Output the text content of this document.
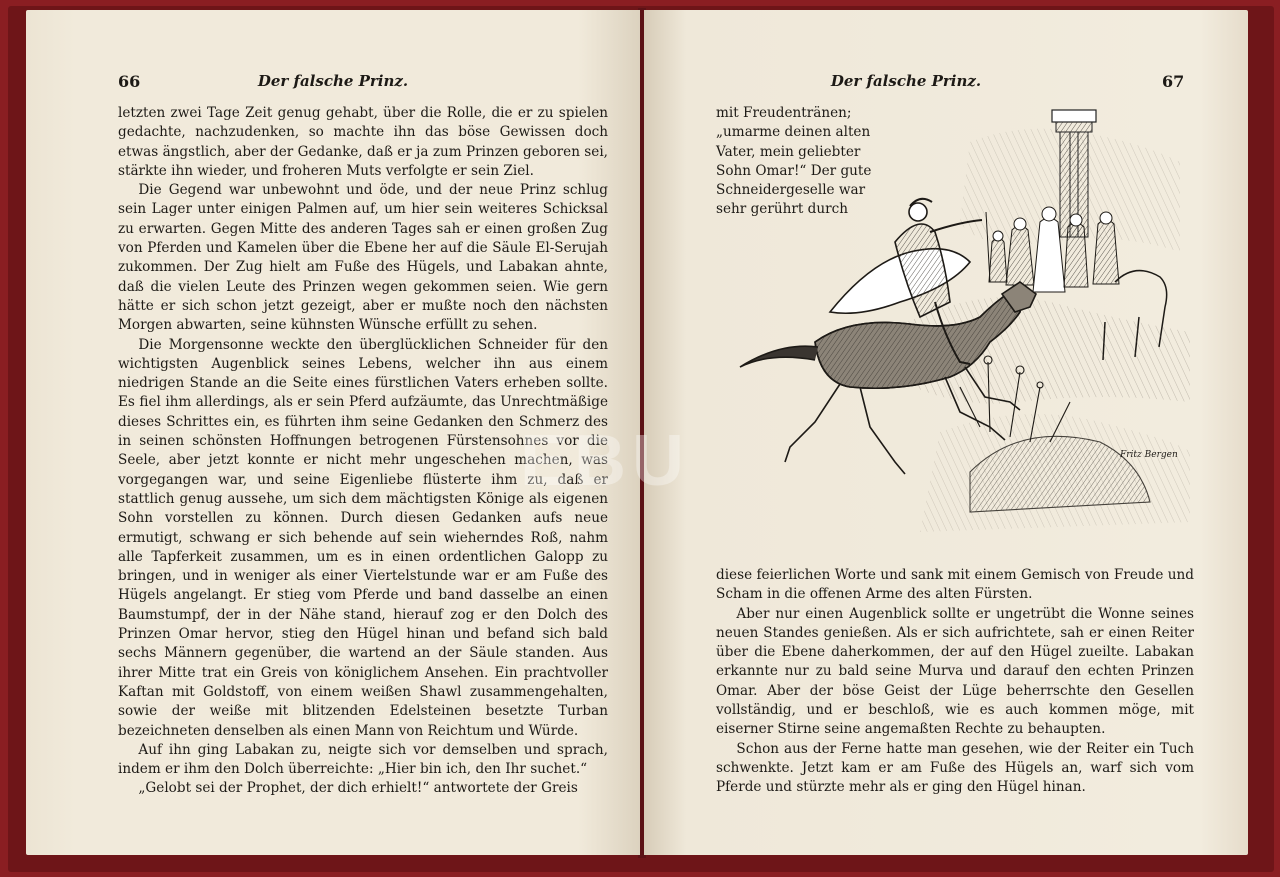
66	Der falsche Prinz.

letzten zwei Tage Zeit genug gehabt, über die Rolle, die er zu spielen gedachte, nachzudenken, so machte ihn das böse Gewissen doch etwas ängstlich, aber der Gedanke, daß er ja zum Prinzen geboren sei, stärkte ihn wieder, und froheren Muts verfolgte er sein Ziel.

Die Gegend war unbewohnt und öde, und der neue Prinz schlug sein Lager unter einigen Palmen auf, um hier sein weiteres Schicksal zu erwarten. Gegen Mitte des anderen Tages sah er einen großen Zug von Pferden und Kamelen über die Ebene her auf die Säule El-Serujah zukommen. Der Zug hielt am Fuße des Hügels, und Labakan ahnte, daß die vielen Leute des Prinzen wegen gekommen seien. Wie gern hätte er sich schon jetzt gezeigt, aber er mußte noch den nächsten Morgen abwarten, seine kühnsten Wünsche erfüllt zu sehen.

Die Morgensonne weckte den überglücklichen Schneider für den wichtigsten Augenblick seines Lebens, welcher ihn aus einem niedrigen Stande an die Seite eines fürstlichen Vaters erheben sollte. Es fiel ihm allerdings, als er sein Pferd aufzäumte, das Unrechtmäßige dieses Schrittes ein, es führten ihm seine Gedanken den Schmerz des in seinen schönsten Hoffnungen betrogenen Fürstensohnes vor die Seele, aber jetzt konnte er nicht mehr ungeschehen machen, was vorgegangen war, und seine Eigenliebe flüsterte ihm zu, daß er stattlich genug aussehe, um sich dem mächtigsten Könige als eigenen Sohn vorstellen zu können. Durch diesen Gedanken aufs neue ermutigt, schwang er sich behende auf sein wieherndes Roß, nahm alle Tapferkeit zusammen, um es in einen ordentlichen Galopp zu bringen, und in weniger als einer Viertelstunde war er am Fuße des Hügels angelangt. Er stieg vom Pferde und band dasselbe an einen Baumstumpf, der in der Nähe stand, hierauf zog er den Dolch des Prinzen Omar hervor, stieg den Hügel hinan und befand sich bald sechs Männern gegenüber, die wartend an der Säule standen. Aus ihrer Mitte trat ein Greis von königlichem Ansehen. Ein prachtvoller Kaftan mit Goldstoff, von einem weißen Shawl zusammengehalten, sowie der weiße mit blitzenden Edelsteinen besetzte Turban bezeichneten denselben als einen Mann von Reichtum und Würde.

Auf ihn ging Labakan zu, neigte sich vor demselben und sprach, indem er ihm den Dolch überreichte: „Hier bin ich, den Ihr suchet.“

„Gelobt sei der Prophet, der dich erhielt!“ antwortete der Greis

Der falsche Prinz.	67

mit Freudentränen; „umarme deinen alten Vater, mein geliebter Sohn Omar!“ Der gute Schneidergeselle war sehr gerührt durch

Fritz Bergen

diese feierlichen Worte und sank mit einem Gemisch von Freude und Scham in die offenen Arme des alten Fürsten.

Aber nur einen Augenblick sollte er ungetrübt die Wonne seines neuen Standes genießen. Als er sich aufrichtete, sah er einen Reiter über die Ebene daherkommen, der auf den Hügel zueilte. Labakan erkannte nur zu bald seine Murva und darauf den echten Prinzen Omar. Aber der böse Geist der Lüge beherrschte den Gesellen vollständig, und er beschloß, wie es auch kommen möge, mit eiserner Stirne seine angemaßten Rechte zu behaupten.

Schon aus der Ferne hatte man gesehen, wie der Reiter ein Tuch schwenkte. Jetzt kam er am Fuße des Hügels an, warf sich vom Pferde und stürzte mehr als er ging den Hügel hinan.

EBU
